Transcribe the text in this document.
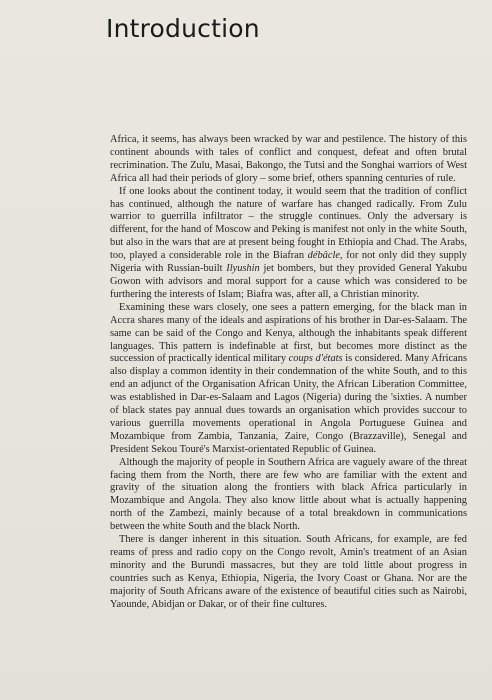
Introduction

Africa, it seems, has always been wracked by war and pestilence. The history of this continent abounds with tales of conflict and conquest, defeat and often brutal recrimination. The Zulu, Masai, Bakongo, the Tutsi and the Songhai warriors of West Africa all had their periods of glory – some brief, others spanning centuries of rule.

If one looks about the continent today, it would seem that the tradition of conflict has continued, although the nature of warfare has changed radically. From Zulu warrior to guerrilla infiltrator – the struggle continues. Only the adversary is different, for the hand of Moscow and Peking is manifest not only in the white South, but also in the wars that are at present being fought in Ethiopia and Chad. The Arabs, too, played a considerable role in the Biafran débâcle, for not only did they supply Nigeria with Russian-built Ilyushin jet bombers, but they provided General Yakubu Gowon with advisors and moral support for a cause which was considered to be furthering the interests of Islam; Biafra was, after all, a Christian minority.

Examining these wars closely, one sees a pattern emerging, for the black man in Accra shares many of the ideals and aspirations of his brother in Dar-es-Salaam. The same can be said of the Congo and Kenya, although the inhabitants speak different languages. This pattern is indefinable at first, but becomes more distinct as the succession of practically identical military coups d'états is considered. Many Africans also display a common identity in their condemnation of the white South, and to this end an adjunct of the Organisation African Unity, the African Liberation Committee, was established in Dar-es-Salaam and Lagos (Nigeria) during the 'sixties. A number of black states pay annual dues towards an organisation which provides succour to various guerrilla movements operational in Angola Portuguese Guinea and Mozambique from Zambia, Tanzania, Zaire, Congo (Brazzaville), Senegal and President Sekou Touré's Marxist-orientated Republic of Guinea.

Although the majority of people in Southern Africa are vaguely aware of the threat facing them from the North, there are few who are familiar with the extent and gravity of the situation along the frontiers with black Africa particularly in Mozambique and Angola. They also know little about what is actually happening north of the Zambezi, mainly because of a total breakdown in communications between the white South and the black North.

There is danger inherent in this situation. South Africans, for example, are fed reams of press and radio copy on the Congo revolt, Amin's treatment of an Asian minority and the Burundi massacres, but they are told little about progress in countries such as Kenya, Ethiopia, Nigeria, the Ivory Coast or Ghana. Nor are the majority of South Africans aware of the existence of beautiful cities such as Nairobi, Yaounde, Abidjan or Dakar, or of their fine cultures.
